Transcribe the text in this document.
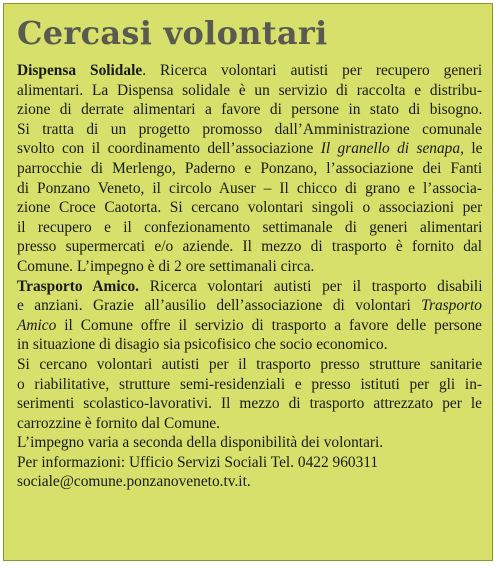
Cercasi volontari
Dispensa Solidale. Ricerca volontari autisti per recupero generi
alimentari. La Dispensa solidale è un servizio di raccolta e distribu-
zione di derrate alimentari a favore di persone in stato di bisogno.
Si tratta di un progetto promosso dall’Amministrazione comunale
svolto con il coordinamento dell’associazione Il granello di senapa, le
parrocchie di Merlengo, Paderno e Ponzano, l’associazione dei Fanti
di Ponzano Veneto, il circolo Auser – Il chicco di grano e l’associa-
zione Croce Caotorta. Si cercano volontari singoli o associazioni per
il recupero e il confezionamento settimanale di generi alimentari
presso supermercati e/o aziende. Il mezzo di trasporto è fornito dal
Comune. L’impegno è di 2 ore settimanali circa.
Trasporto Amico. Ricerca volontari autisti per il trasporto disabili
e anziani. Grazie all’ausilio dell’associazione di volontari Trasporto
Amico il Comune offre il servizio di trasporto a favore delle persone
in situazione di disagio sia psicofisico che socio economico.
Si cercano volontari autisti per il trasporto presso strutture sanitarie
o riabilitative, strutture semi-residenziali e presso istituti per gli in-
serimenti scolastico-lavorativi. Il mezzo di trasporto attrezzato per le
carrozzine è fornito dal Comune.
L’impegno varia a seconda della disponibilità dei volontari.
Per informazioni: Ufficio Servizi Sociali Tel. 0422 960311
sociale@comune.ponzanoveneto.tv.it.
